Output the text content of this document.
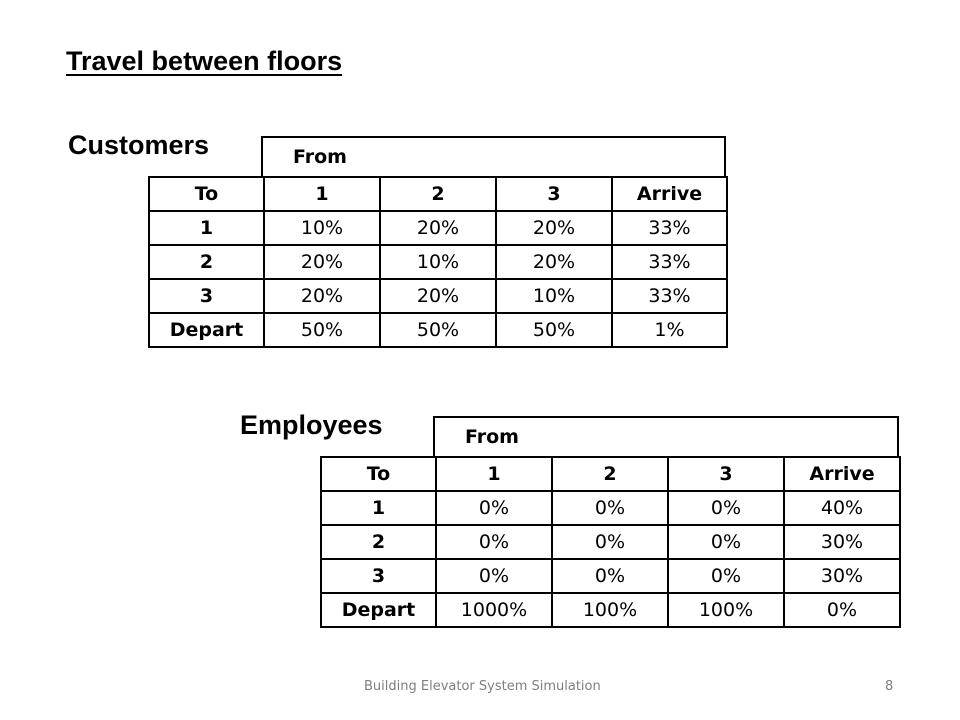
Travel between floors
Customers	From
To	1	2	3	Arrive
1	10%	20%	20%	33%
2	20%	10%	20%	33%
3	20%	20%	10%	33%
Depart	50%	50%	50%	1%
Employees	From
To	1	2	3	Arrive
1	0%	0%	0%	40%
2	0%	0%	0%	30%
3	0%	0%	0%	30%
Depart	1000%	100%	100%	0%
Building Elevator System Simulation	8
